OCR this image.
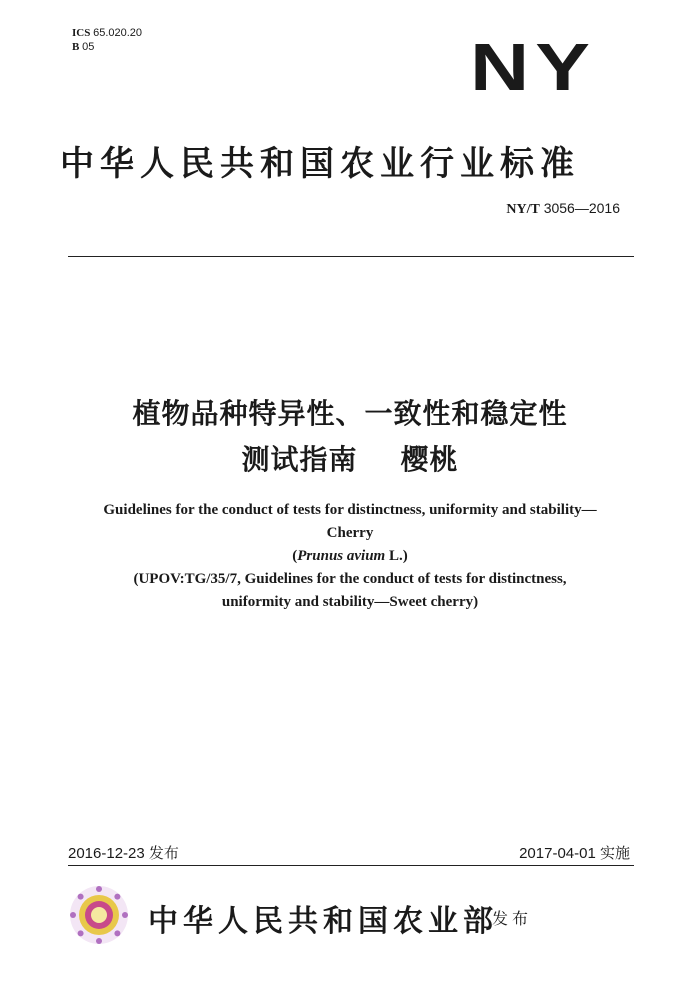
ICS 65.020.20
B 05	NY
中华人民共和国农业行业标准
NY/T 3056—2016
植物品种特异性、一致性和稳定性
测试指南    樱桃
Guidelines for the conduct of tests for distinctness, uniformity and stability—
Cherry
(Prunus avium L.)
(UPOV:TG/35/7, Guidelines for the conduct of tests for distinctness,
uniformity and stability—Sweet cherry)
2016-12-23 发布	2017-04-01 实施
中华人民共和国农业部
发布
